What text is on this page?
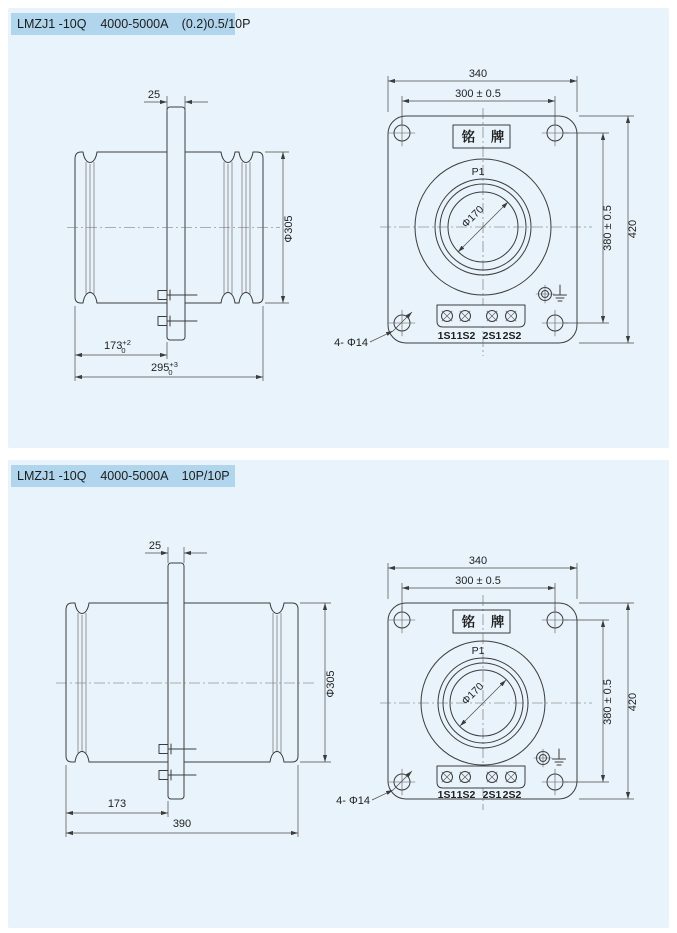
LMZJ1 -10Q    4000-5000A    (0.2)0.5/10P
25
Φ305
$173^{+2}$ 0
$295^{+3}$ 0
铭 牌
P1
Φ170
1S1 1S2 2S1 2S2
340
300 ± 0.5
420
380 ± 0.5
4- Φ14
LMZJ1 -10Q    4000-5000A    10P/10P
25
Φ305
173
390
铭 牌
P1
Φ170
1S1 1S2 2S1 2S2
340
300 ± 0.5
420
380 ± 0.5
4- Φ14
